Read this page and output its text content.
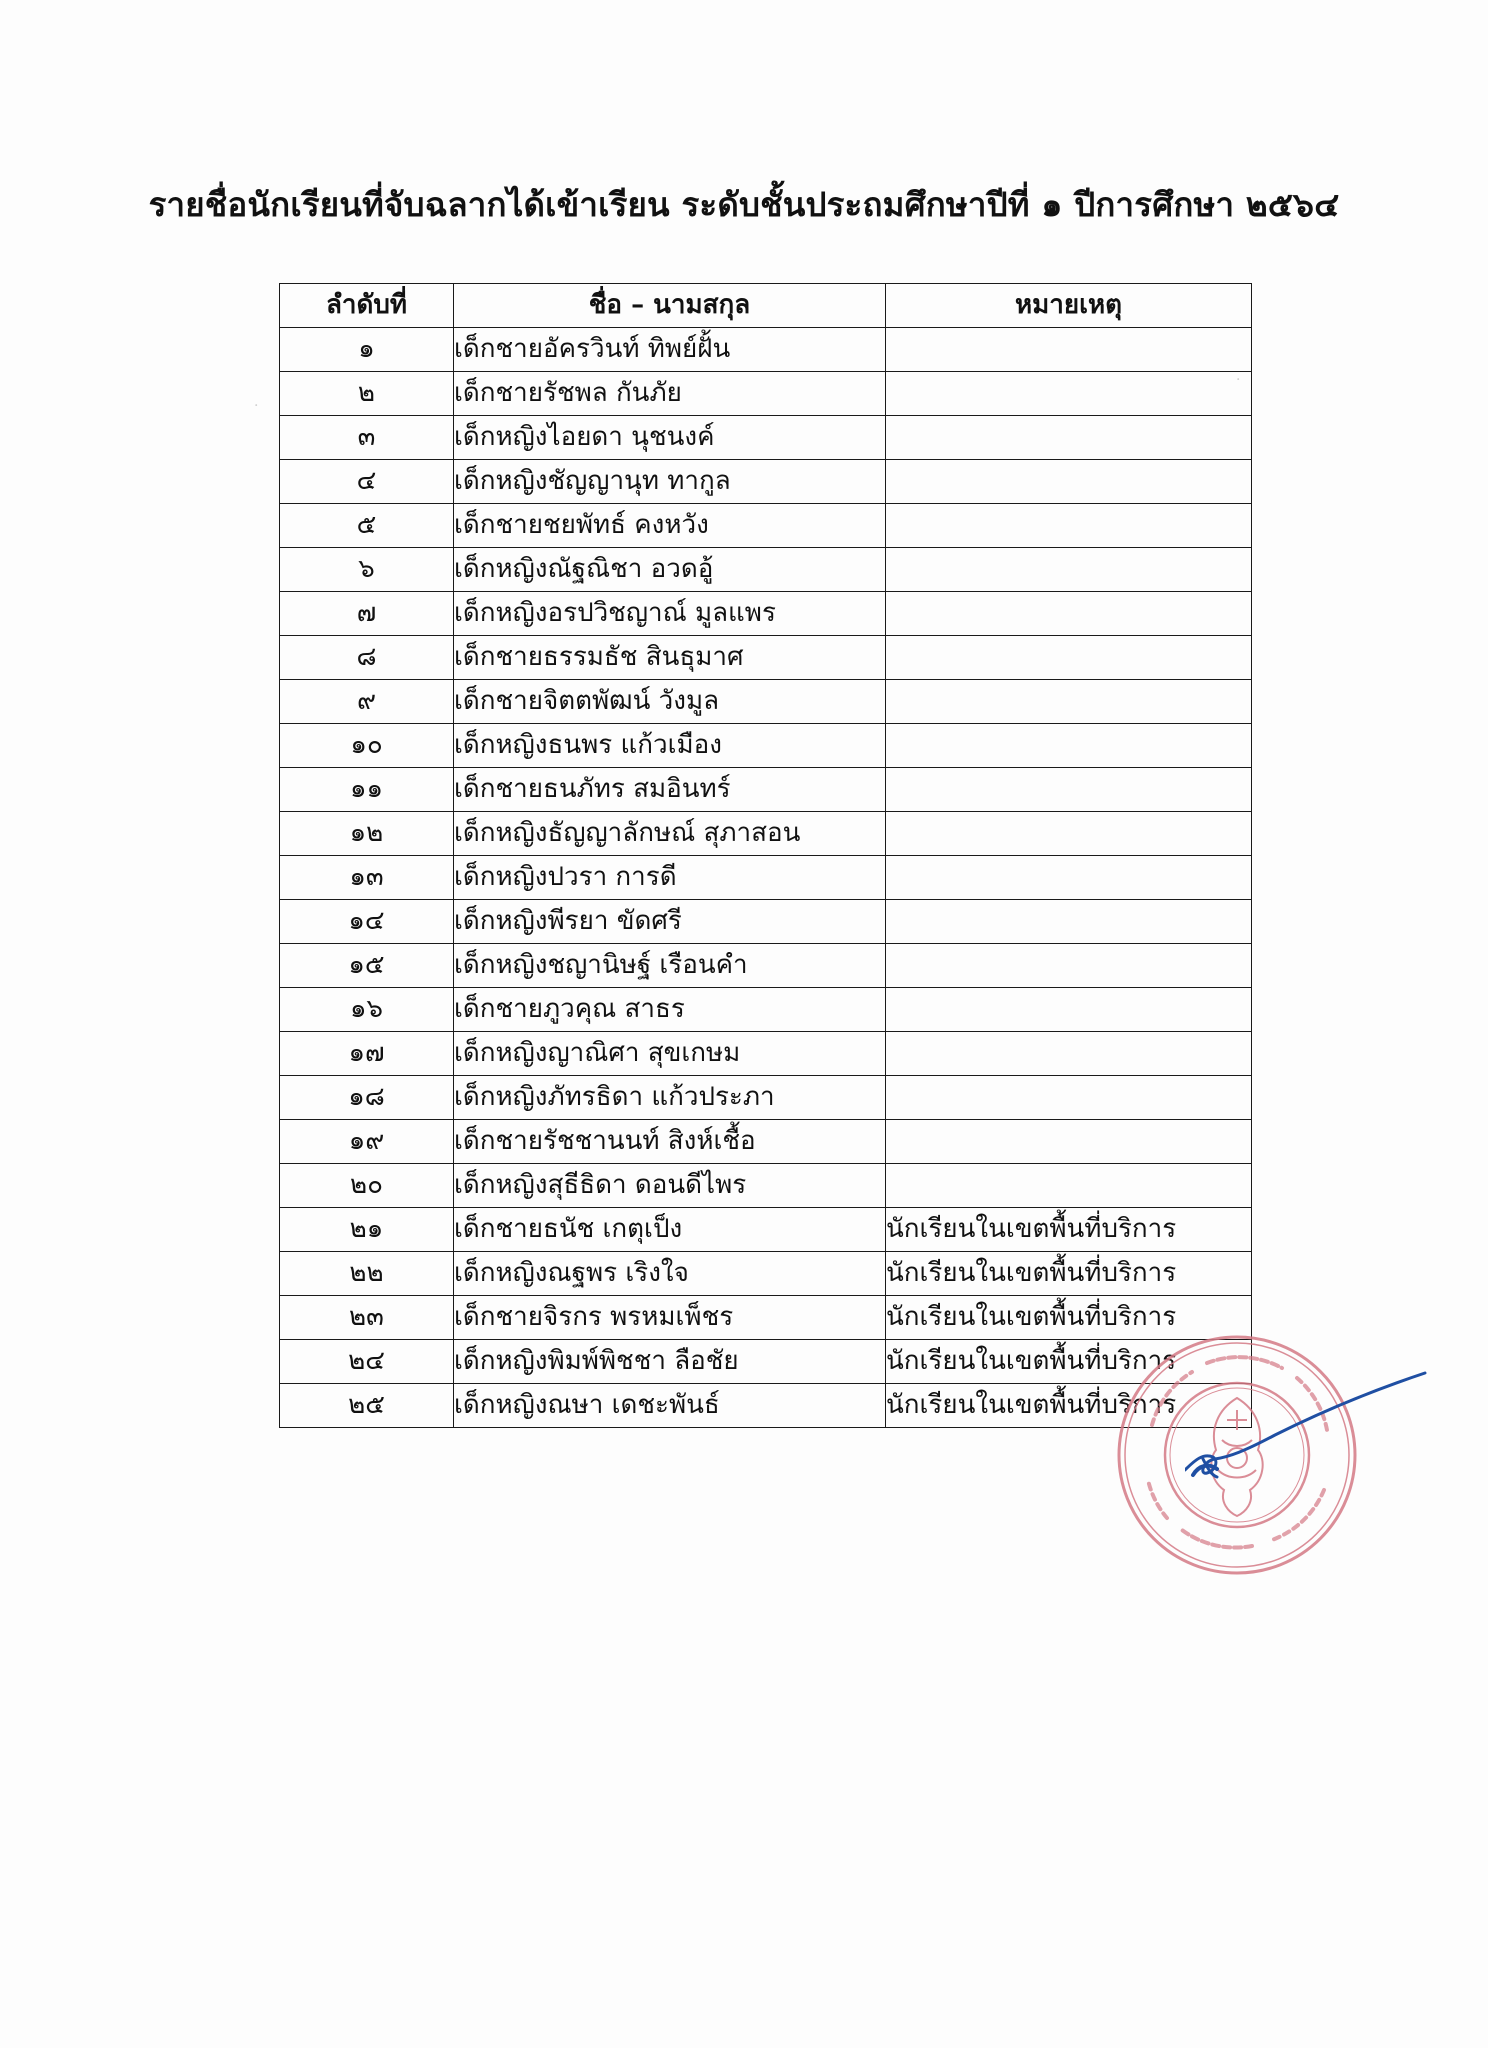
รายชื่อนักเรียนที่จับฉลากได้เข้าเรียน ระดับชั้นประถมศึกษาปีที่ ๑ ปีการศึกษา ๒๕๖๔
ลำดับที่	ชื่อ – นามสกุล	หมายเหตุ
๑	เด็กชายอัครวินท์ ทิพย์ฝั้น	
๒	เด็กชายรัชพล กันภัย	
๓	เด็กหญิงไอยดา นุชนงค์	
๔	เด็กหญิงชัญญานุท ทากูล	
๕	เด็กชายชยพัทธ์ คงหวัง	
๖	เด็กหญิงณัฐณิชา อวดอู้	
๗	เด็กหญิงอรปวิชญาณ์ มูลแพร	
๘	เด็กชายธรรมธัช สินธุมาศ	
๙	เด็กชายจิตตพัฒน์ วังมูล	
๑๐	เด็กหญิงธนพร แก้วเมือง	
๑๑	เด็กชายธนภัทร สมอินทร์	
๑๒	เด็กหญิงธัญญาลักษณ์ สุภาสอน	
๑๓	เด็กหญิงปวรา การดี	
๑๔	เด็กหญิงพีรยา ขัดศรี	
๑๕	เด็กหญิงชญานิษฐ์ เรือนคำ	
๑๖	เด็กชายภูวคุณ สาธร	
๑๗	เด็กหญิงญาณิศา สุขเกษม	
๑๘	เด็กหญิงภัทรธิดา แก้วประภา	
๑๙	เด็กชายรัชชานนท์ สิงห์เชื้อ	
๒๐	เด็กหญิงสุธีธิดา ดอนดีไพร	
๒๑	เด็กชายธนัช เกตุเป็ง	นักเรียนในเขตพื้นที่บริการ
๒๒	เด็กหญิงณฐพร เริงใจ	นักเรียนในเขตพื้นที่บริการ
๒๓	เด็กชายจิรกร พรหมเพ็ชร	นักเรียนในเขตพื้นที่บริการ
๒๔	เด็กหญิงพิมพ์พิชชา ลือชัย	นักเรียนในเขตพื้นที่บริการ
๒๕	เด็กหญิงณษา เดชะพันธ์	นักเรียนในเขตพื้นที่บริการ
·
·
